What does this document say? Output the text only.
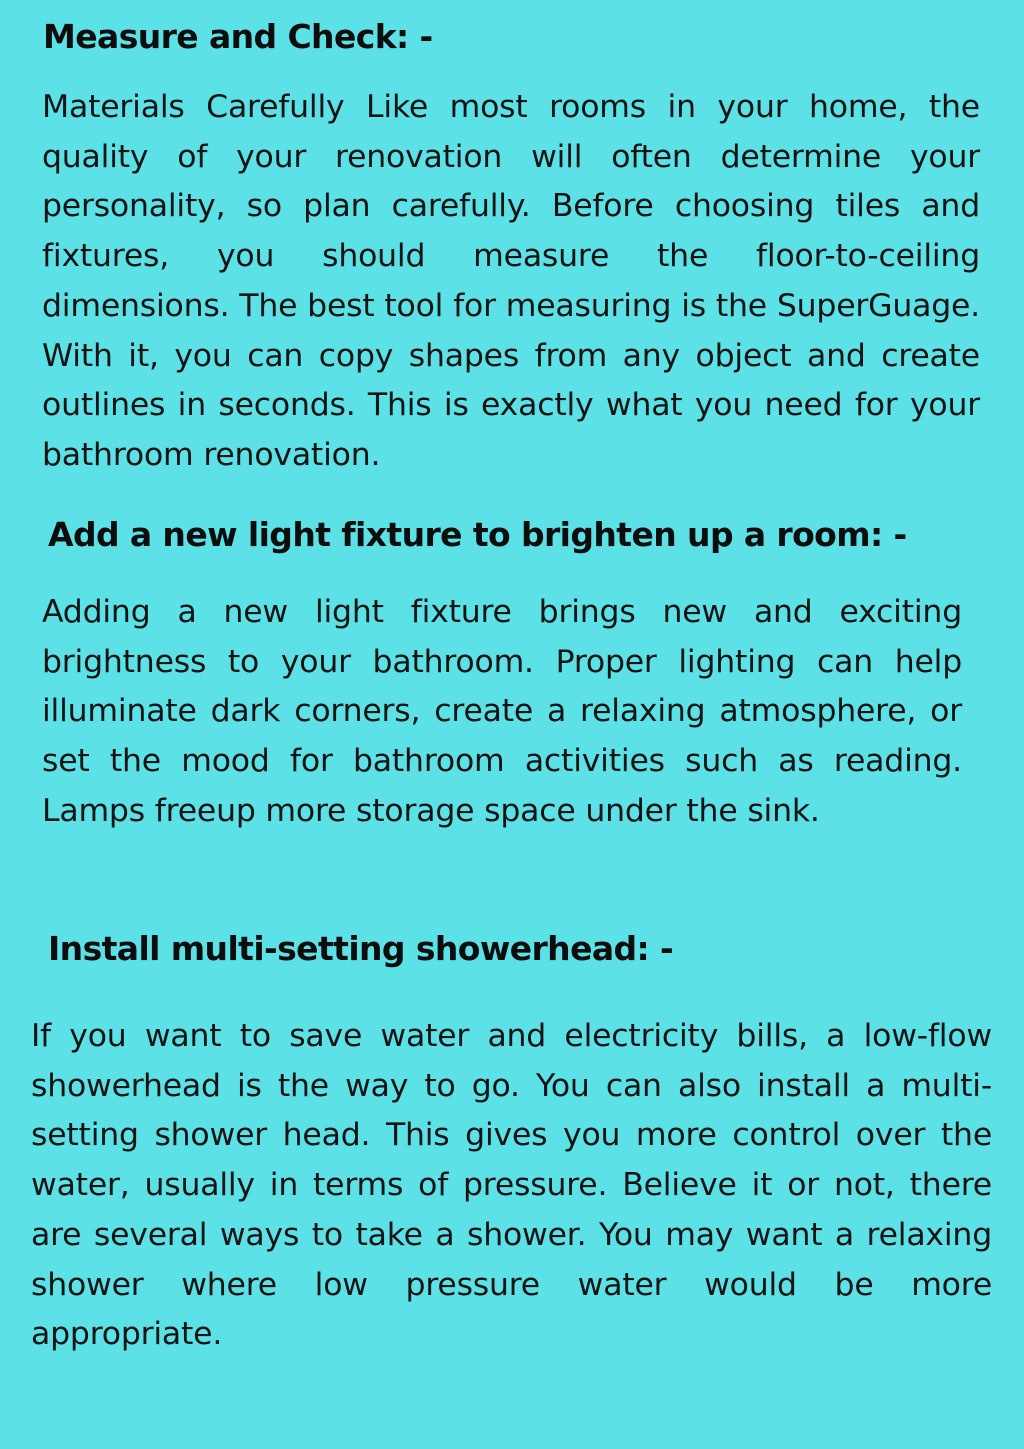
Measure and Check: -

Materials Carefully Like most rooms in your home, the quality of your renovation will often determine your personality, so plan carefully. Before choosing tiles and fixtures, you should measure the floor-to-ceiling dimensions. The best tool for measuring is the SuperGuage. With it, you can copy shapes from any object and create outlines in seconds. This is exactly what you need for your bathroom renovation.

Add a new light fixture to brighten up a room: -

Adding a new light fixture brings new and exciting brightness to your bathroom. Proper lighting can help illuminate dark corners, create a relaxing atmosphere, or set the mood for bathroom activities such as reading. Lamps freeup more storage space under the sink.

Install multi-setting showerhead: -

If you want to save water and electricity bills, a low-flow showerhead is the way to go. You can also install a multi-setting shower head. This gives you more control over the water, usually in terms of pressure. Believe it or not, there are several ways to take a shower. You may want a relaxing shower where low pressure water would be more appropriate.
